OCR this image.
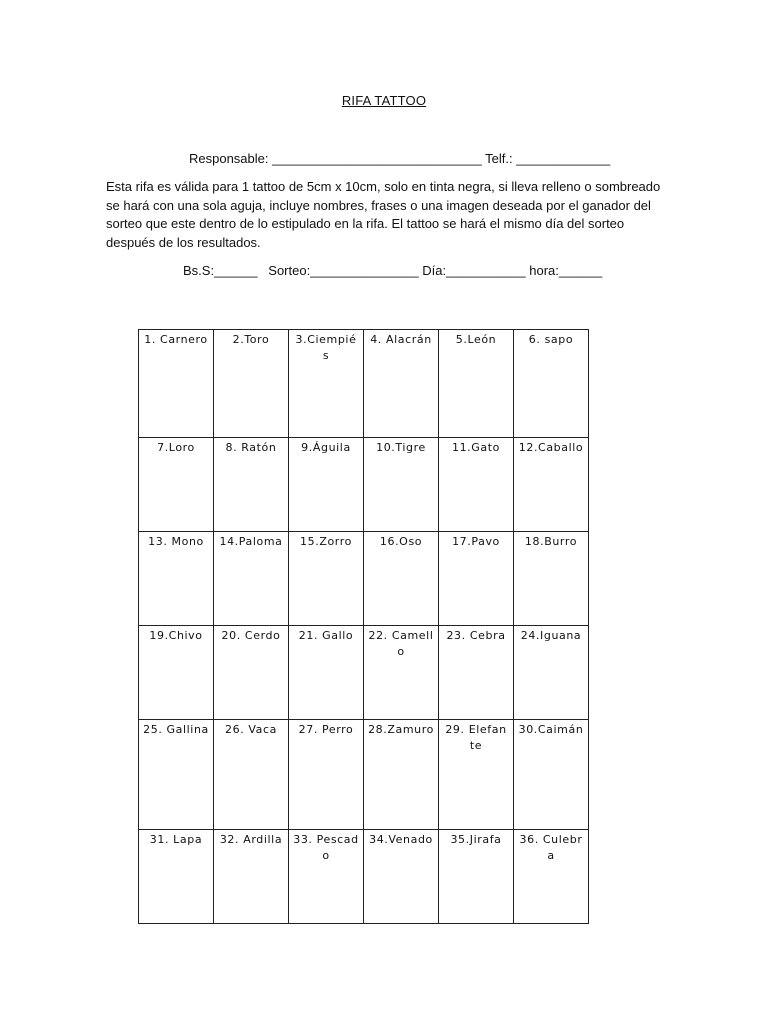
RIFA TATTOO
Responsable: _____________________________ Telf.: _____________
Esta rifa es válida para 1 tattoo de 5cm x 10cm, solo en tinta negra, si lleva relleno o sombreado se hará con una sola aguja, incluye nombres, frases o una imagen deseada por el ganador del sorteo que este dentro de lo estipulado en la rifa. El tattoo se hará el mismo día del sorteo después de los resultados.
Bs.S:______   Sorteo:_______________ Día:___________ hora:______
1. Carnero	2.Toro	3.Ciempiés	4. Alacrán	5.León	6. sapo
7.Loro	8. Ratón	9.Águila	10.Tigre	11.Gato	12.Caballo
13. Mono	14.Paloma	15.Zorro	16.Oso	17.Pavo	18.Burro
19.Chivo	20. Cerdo	21. Gallo	22. Camello	23. Cebra	24.Iguana
25. Gallina	26. Vaca	27. Perro	28.Zamuro	29. Elefante	30.Caimán
31. Lapa	32. Ardilla	33. Pescado	34.Venado	35.Jirafa	36. Culebra
